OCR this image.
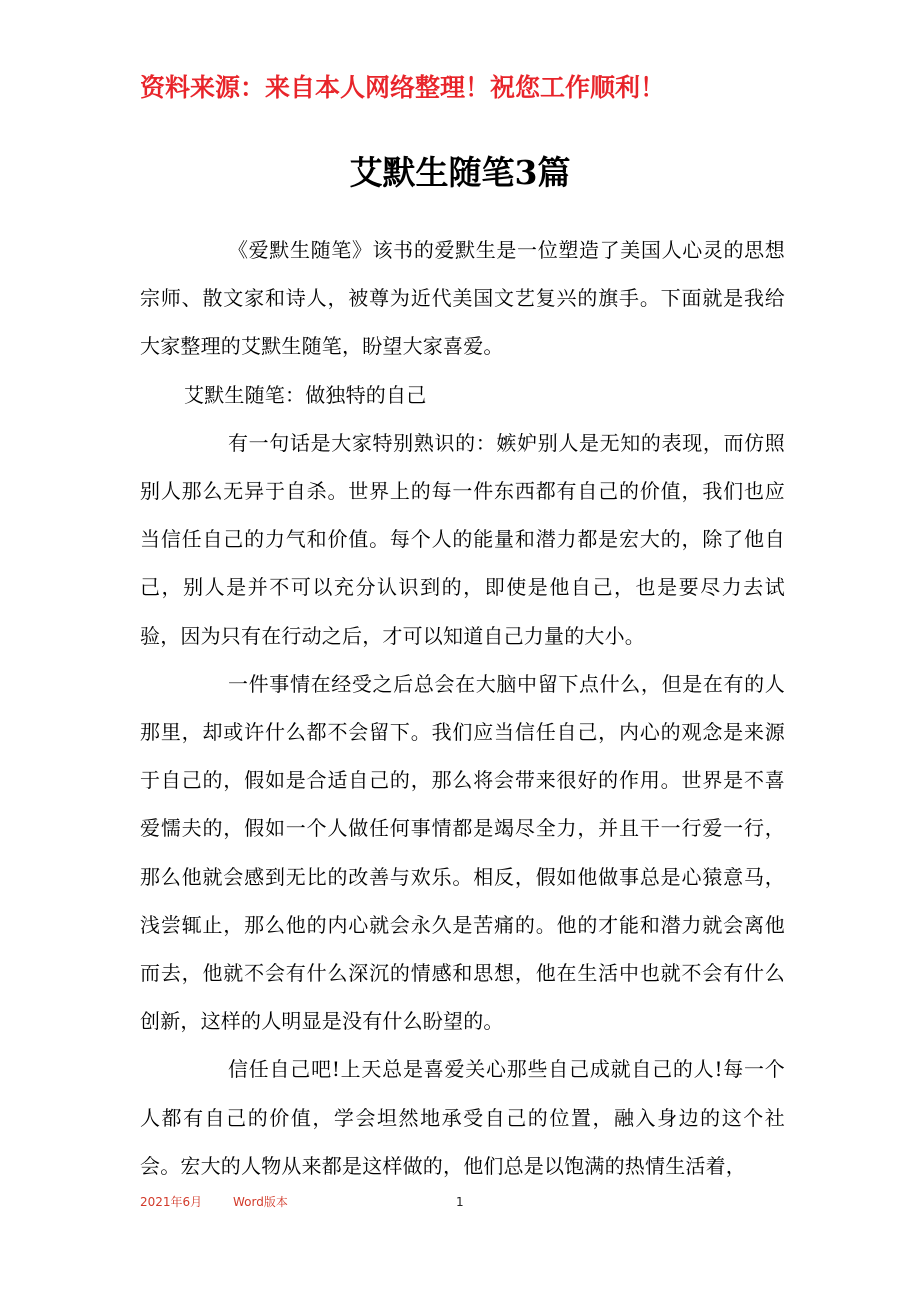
资料来源：来自本人网络整理！祝您工作顺利！
艾默生随笔3篇

《爱默生随笔》该书的爱默生是一位塑造了美国人心灵的思想宗师、散文家和诗人，被尊为近代美国文艺复兴的旗手。下面就是我给大家整理的艾默生随笔，盼望大家喜爱。

艾默生随笔：做独特的自己

有一句话是大家特别熟识的：嫉妒别人是无知的表现，而仿照别人那么无异于自杀。世界上的每一件东西都有自己的价值，我们也应当信任自己的力气和价值。每个人的能量和潜力都是宏大的，除了他自己，别人是并不可以充分认识到的，即使是他自己，也是要尽力去试验，因为只有在行动之后，才可以知道自己力量的大小。

一件事情在经受之后总会在大脑中留下点什么，但是在有的人那里，却或许什么都不会留下。我们应当信任自己，内心的观念是来源于自己的，假如是合适自己的，那么将会带来很好的作用。世界是不喜爱懦夫的，假如一个人做任何事情都是竭尽全力，并且干一行爱一行，那么他就会感到无比的改善与欢乐。相反，假如他做事总是心猿意马，浅尝辄止，那么他的内心就会永久是苦痛的。他的才能和潜力就会离他而去，他就不会有什么深沉的情感和思想，他在生活中也就不会有什么创新，这样的人明显是没有什么盼望的。

信任自己吧!上天总是喜爱关心那些自己成就自己的人!每一个人都有自己的价值，学会坦然地承受自己的位置，融入身边的这个社会。宏大的人物从来都是这样做的，他们总是以饱满的热情生活着，

2021年6月	Word版本	1
